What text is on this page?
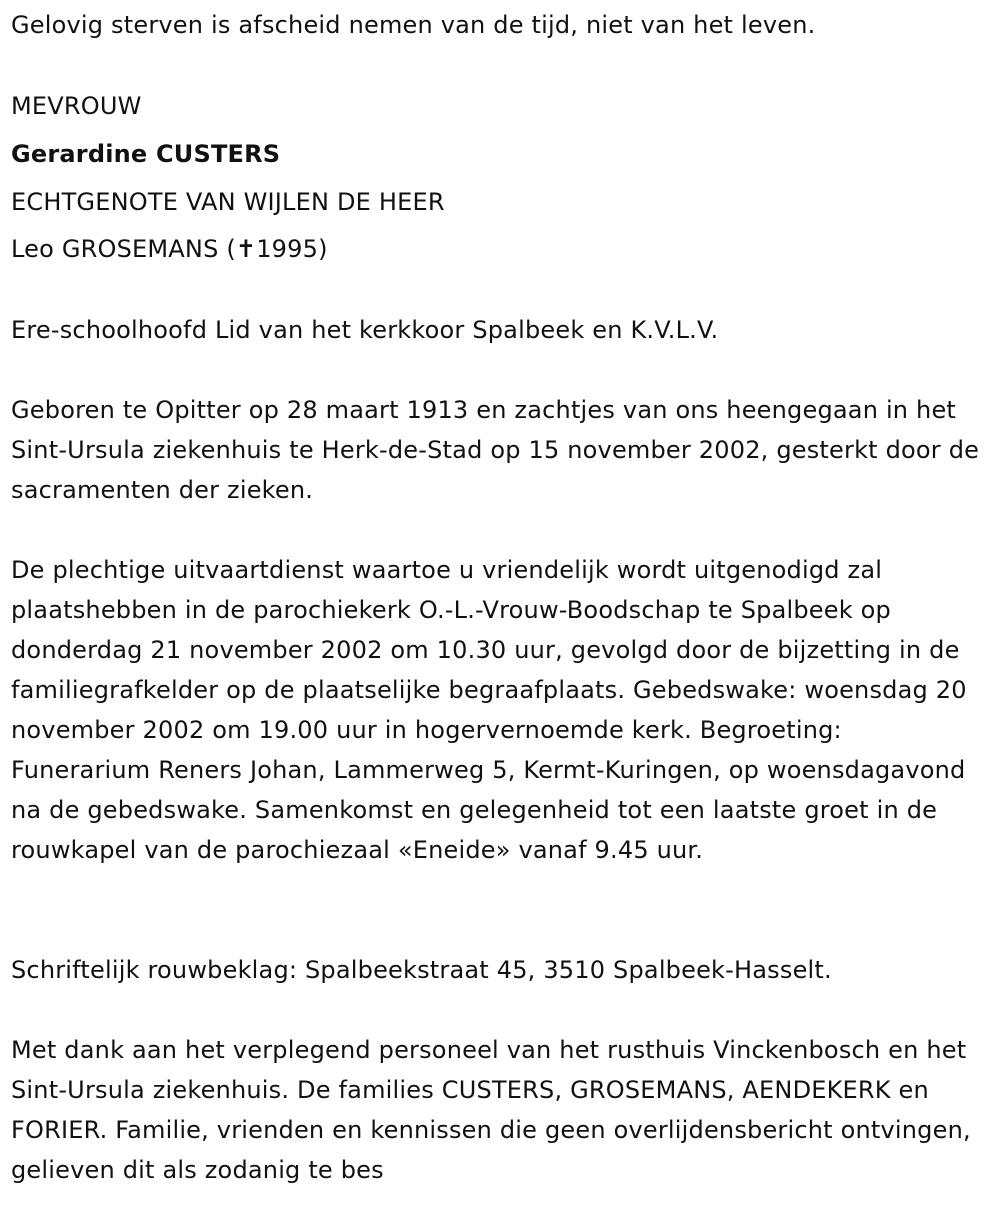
Gelovig sterven is afscheid nemen van de tijd, niet van het leven.
MEVROUW
Gerardine CUSTERS
ECHTGENOTE VAN WIJLEN DE HEER
Leo GROSEMANS (✝1995)
Ere-schoolhoofd Lid van het kerkkoor Spalbeek en K.V.L.V.

Geboren te Opitter op 28 maart 1913 en zachtjes van ons heengegaan in het Sint-Ursula ziekenhuis te Herk-de-Stad op 15 november 2002, gesterkt door de sacramenten der zieken.

De plechtige uitvaartdienst waartoe u vriendelijk wordt uitgenodigd zal plaatshebben in de parochiekerk O.-L.-Vrouw-Boodschap te Spalbeek op donderdag 21 november 2002 om 10.30 uur, gevolgd door de bijzetting in de familiegrafkelder op de plaatselijke begraafplaats. Gebedswake: woensdag 20 november 2002 om 19.00 uur in hogervernoemde kerk. Begroeting: Funerarium Reners Johan, Lammerweg 5, Kermt-Kuringen, op woensdagavond na de gebedswake. Samenkomst en gelegenheid tot een laatste groet in de rouwkapel van de parochiezaal «Eneide» vanaf 9.45 uur.

Schriftelijk rouwbeklag: Spalbeekstraat 45, 3510 Spalbeek-Hasselt.

Met dank aan het verplegend personeel van het rusthuis Vinckenbosch en het Sint-Ursula ziekenhuis. De families CUSTERS, GROSEMANS, AENDEKERK en FORIER. Familie, vrienden en kennissen die geen overlijdensbericht ontvingen, gelieven dit als zodanig te bes
